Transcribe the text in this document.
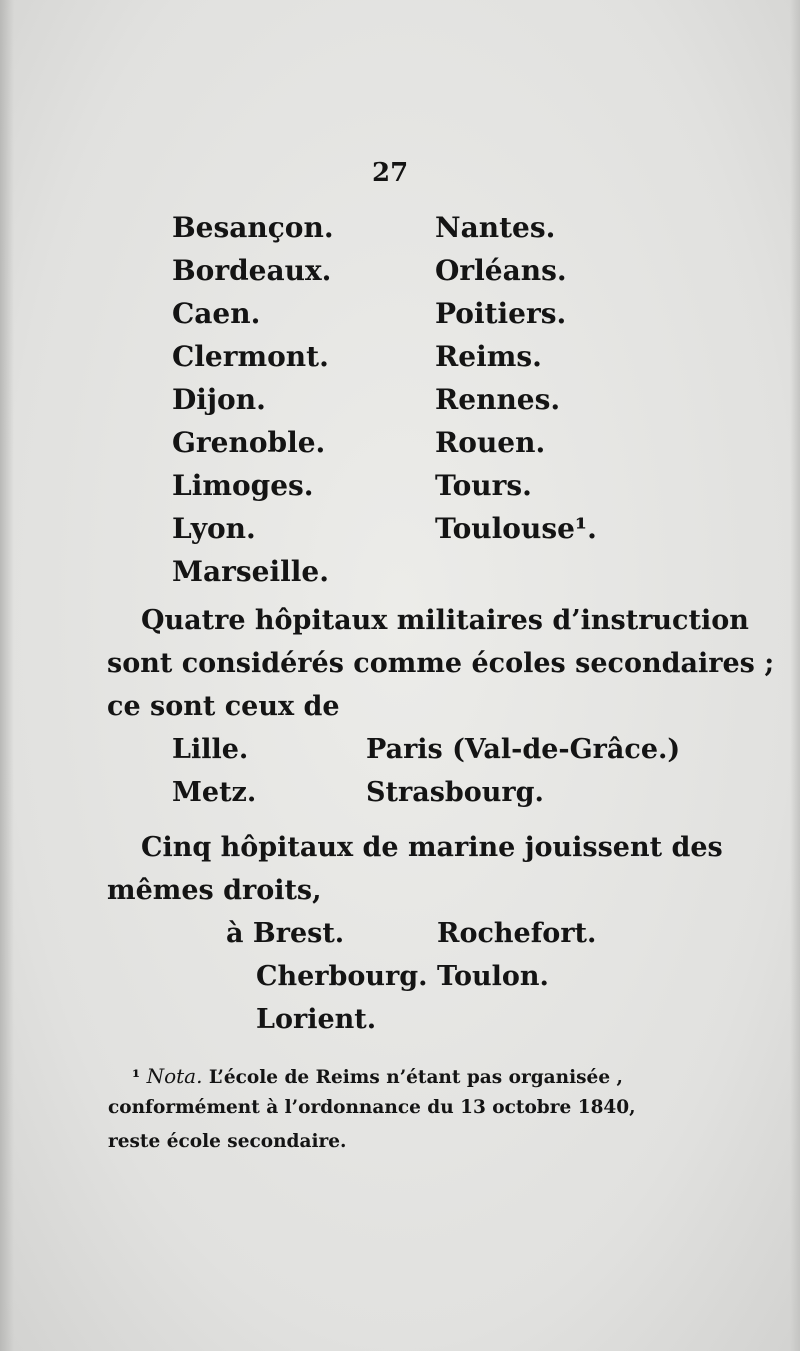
27
Besançon.
Bordeaux.
Caen.
Clermont.
Dijon.
Grenoble.
Limoges.
Lyon.
Marseille.
Nantes.
Orléans.
Poitiers.
Reims.
Rennes.
Rouen.
Tours.
Toulouse¹.
Quatre hôpitaux militaires d’instruction
sont considérés comme écoles secondaires ;
ce sont ceux de
Lille.
Metz.
Paris (Val-de-Grâce.)
Strasbourg.
Cinq hôpitaux de marine jouissent des
mêmes droits,
à Brest.
Cherbourg.
Lorient.
Rochefort.
Toulon.
¹ Nota. L’école de Reims n’étant pas organisée ,
conformément à l’ordonnance du 13 octobre 1840,
reste école secondaire.
